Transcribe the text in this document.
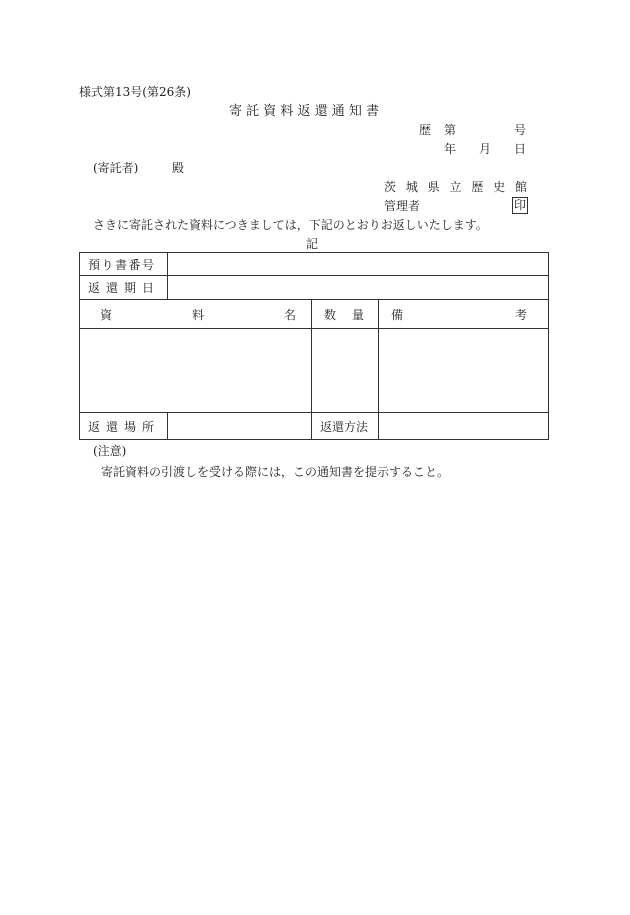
様式第13号(第26条)
寄 託 資 料 返 還 通 知 書
歴 第	号
年 月 日
(寄託者)	殿
茨 城 県 立 歴 史 館
管理者	印
さきに寄託された資料につきましては，下記のとおりお返しいたします。
記
預 り 書 番 号			

返 還 期 日			

資 料 名		数 量	備 考

返 還 場 所		返還方法	
(注意)
寄託資料の引渡しを受ける際には，この通知書を提示すること。
